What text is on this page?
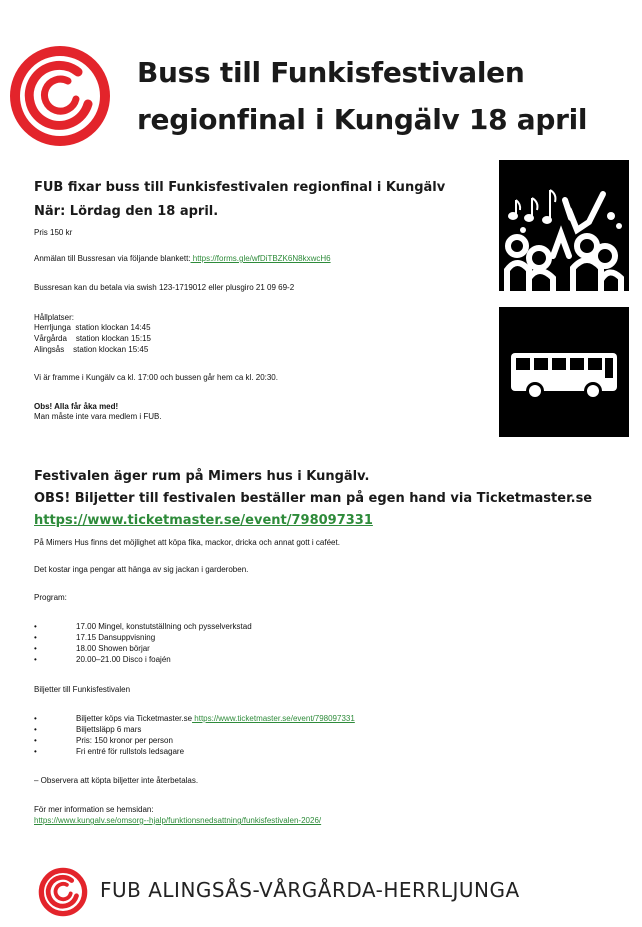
Buss till Funkisfestivalen
regionfinal i Kungälv 18 april
FUB fixar buss till Funkisfestivalen regionfinal i Kungälv
När: Lördag den 18 april.
Pris 150 kr
Anmälan till Bussresan via följande blankett: https://forms.gle/wfDiTBZK6N8kxwcH6
Bussresan kan du betala via swish 123-1719012 eller plusgiro 21 09 69-2
Hållplatser:
Herrljunga station klockan 14:45
Vårgårda station klockan 15:15
Alingsås station klockan 15:45
Vi är framme i Kungälv ca kl. 17:00 och bussen går hem ca kl. 20:30.
Obs! Alla får åka med!
Man måste inte vara medlem i FUB.
Festivalen äger rum på Mimers hus i Kungälv.
OBS! Biljetter till festivalen beställer man på egen hand via Ticketmaster.se
https://www.ticketmaster.se/event/798097331
På Mimers Hus finns det möjlighet att köpa fika, mackor, dricka och annat gott i caféet.
Det kostar inga pengar att hänga av sig jackan i garderoben.
Program:
•	17.00 Mingel, konstutställning och pysselverkstad
•	17.15 Dansuppvisning
•	18.00 Showen börjar
•	20.00–21.00 Disco i foajén
Biljetter till Funkisfestivalen
•	Biljetter köps via Ticketmaster.se https://www.ticketmaster.se/event/798097331
•	Biljettsläpp 6 mars
•	Pris: 150 kronor per person
•	Fri entré för rullstols ledsagare
– Observera att köpta biljetter inte återbetalas.
För mer information se hemsidan:
https://www.kungalv.se/omsorg--hjalp/funktionsnedsattning/funkisfestivalen-2026/
FUB ALINGSÅS-VÅRGÅRDA-HERRLJUNGA
